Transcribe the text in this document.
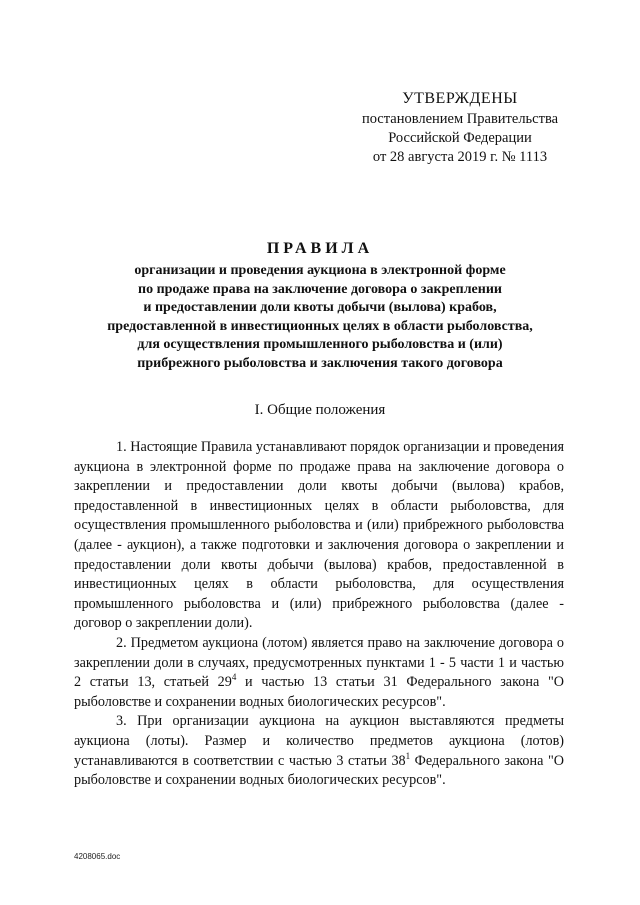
УТВЕРЖДЕНЫ
постановлением Правительства
Российской Федерации
от 28 августа 2019 г. № 1113
ПРАВИЛА
организации и проведения аукциона в электронной форме
по продаже права на заключение договора о закреплении
и предоставлении доли квоты добычи (вылова) крабов,
предоставленной в инвестиционных целях в области рыболовства,
для осуществления промышленного рыболовства и (или)
прибрежного рыболовства и заключения такого договора
I. Общие положения

1. Настоящие Правила устанавливают порядок организации и проведения аукциона в электронной форме по продаже права на заключение договора о закреплении и предоставлении доли квоты добычи (вылова) крабов, предоставленной в инвестиционных целях в области рыболовства, для осуществления промышленного рыболовства и (или) прибрежного рыболовства (далее - аукцион), а также подготовки и заключения договора о закреплении и предоставлении доли квоты добычи (вылова) крабов, предоставленной в инвестиционных целях в области рыболовства, для осуществления промышленного рыболовства и (или) прибрежного рыболовства (далее - договор о закреплении доли).

2. Предметом аукциона (лотом) является право на заключение договора о закреплении доли в случаях, предусмотренных пунктами 1 - 5 части 1 и частью 2 статьи 13, статьей $29^4$ и частью 13 статьи 31 Федерального закона "О рыболовстве и сохранении водных биологических ресурсов".

3. При организации аукциона на аукцион выставляются предметы аукциона (лоты). Размер и количество предметов аукциона (лотов) устанавливаются в соответствии с частью 3 статьи $38^1$ Федерального закона "О рыболовстве и сохранении водных биологических ресурсов".

4208065.doc
